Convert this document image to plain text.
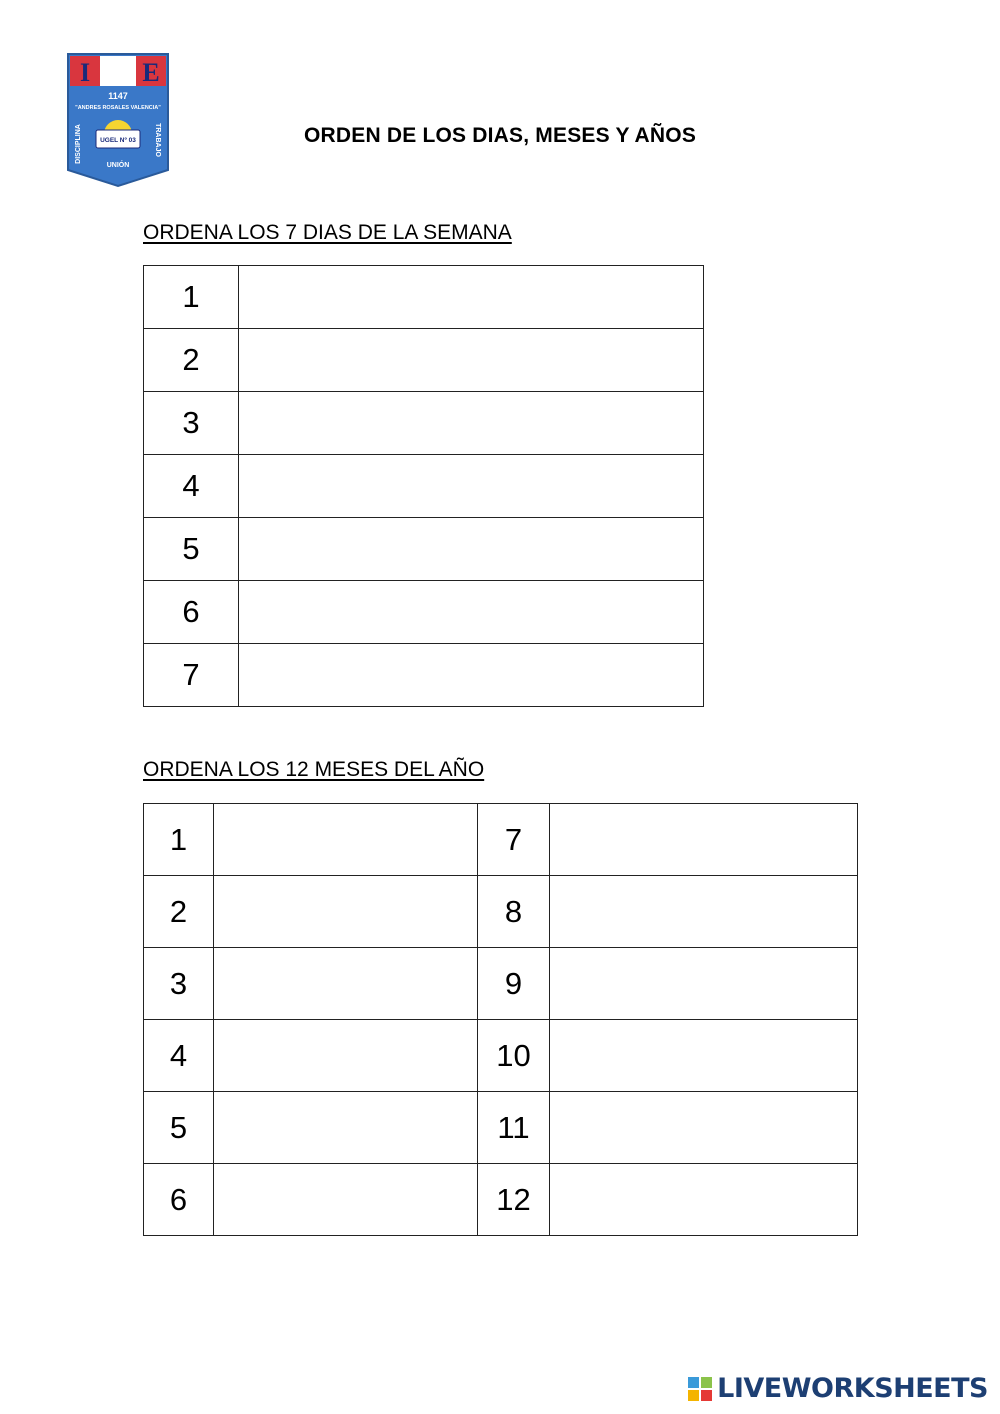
I E
1147
"ANDRES ROSALES VALENCIA"
DISCIPLINA	TRABAJO
UGEL Nº 03
UNIÓN
ORDEN DE LOS DIAS, MESES Y AÑOS
ORDENA LOS 7 DIAS DE LA SEMANA
1	
2	
3	
4	
5	
6	
7	
ORDENA LOS 12 MESES DEL AÑO
1		7	
2		8	
3		9	
4		10	
5		11	
6		12	
LIVEWORKSHEETS
